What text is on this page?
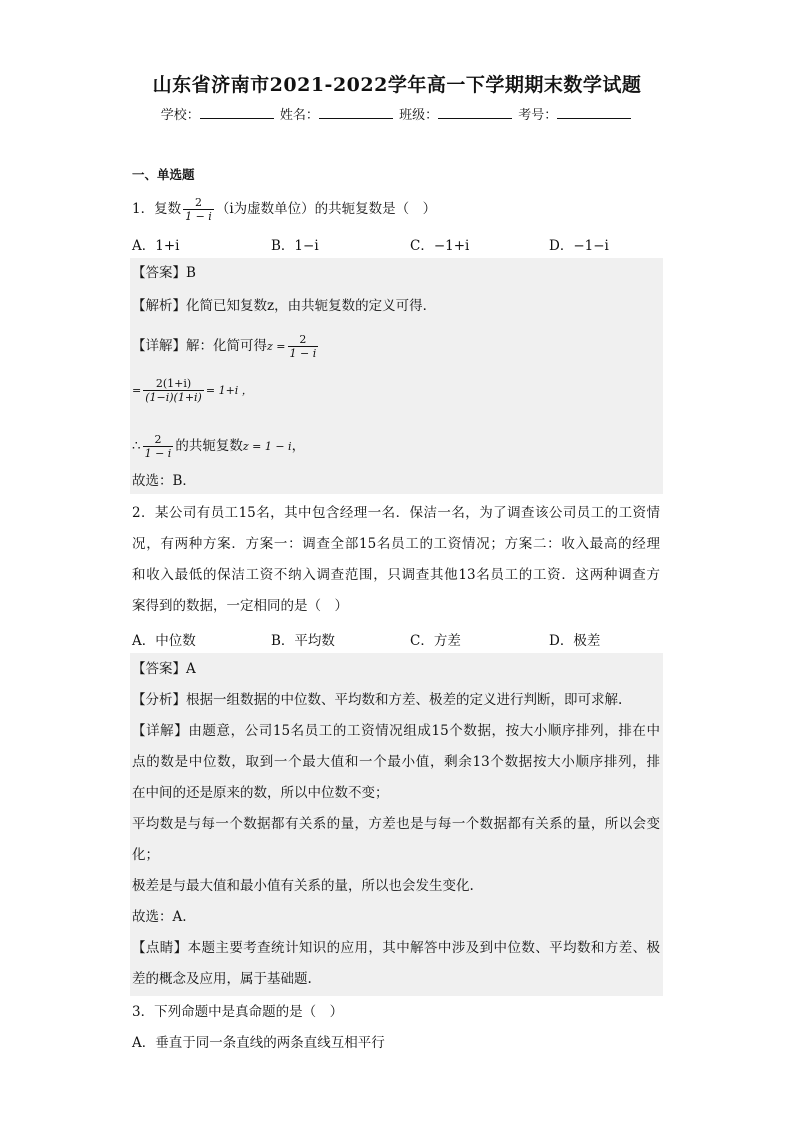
山东省济南市2021-2022学年高一下学期期末数学试题
学校：	姓名：	班级：	考号：
一、单选题
1．复数 $\frac{2}{1 - i} (i$为虚数单位）的共轭复数是（　）
A．1+i	B．1−i	C．−1+i	D．−1−i
【答案】B
【解析】化简已知复数z，由共轭复数的定义可得．
【详解】解：化简可得$z = \frac{2}{1 - i}$
= $\frac{2(1+i)}{(1-i)(1+i)} = 1+i$ ，
∴ $\frac{2}{1 - i}$ 的共轭复数z = 1 − i，
故选：B．
2．某公司有员工15名，其中包含经理一名．保洁一名，为了调查该公司员工的工资情
况，有两种方案．方案一：调查全部15名员工的工资情况；方案二：收入最高的经理
和收入最低的保洁工资不纳入调查范围，只调查其他13名员工的工资．这两种调查方
案得到的数据，一定相同的是（　）
A．中位数	B．平均数	C．方差	D．极差
【答案】A
【分析】根据一组数据的中位数、平均数和方差、极差的定义进行判断，即可求解.
【详解】由题意，公司15名员工的工资情况组成15个数据，按大小顺序排列，排在中
点的数是中位数，取到一个最大值和一个最小值，剩余13个数据按大小顺序排列，排
在中间的还是原来的数，所以中位数不变；
平均数是与每一个数据都有关系的量，方差也是与每一个数据都有关系的量，所以会变
化；
极差是与最大值和最小值有关系的量，所以也会发生变化.
故选：A.
【点睛】本题主要考查统计知识的应用，其中解答中涉及到中位数、平均数和方差、极
差的概念及应用，属于基础题.
3．下列命题中是真命题的是（　）
A．垂直于同一条直线的两条直线互相平行
